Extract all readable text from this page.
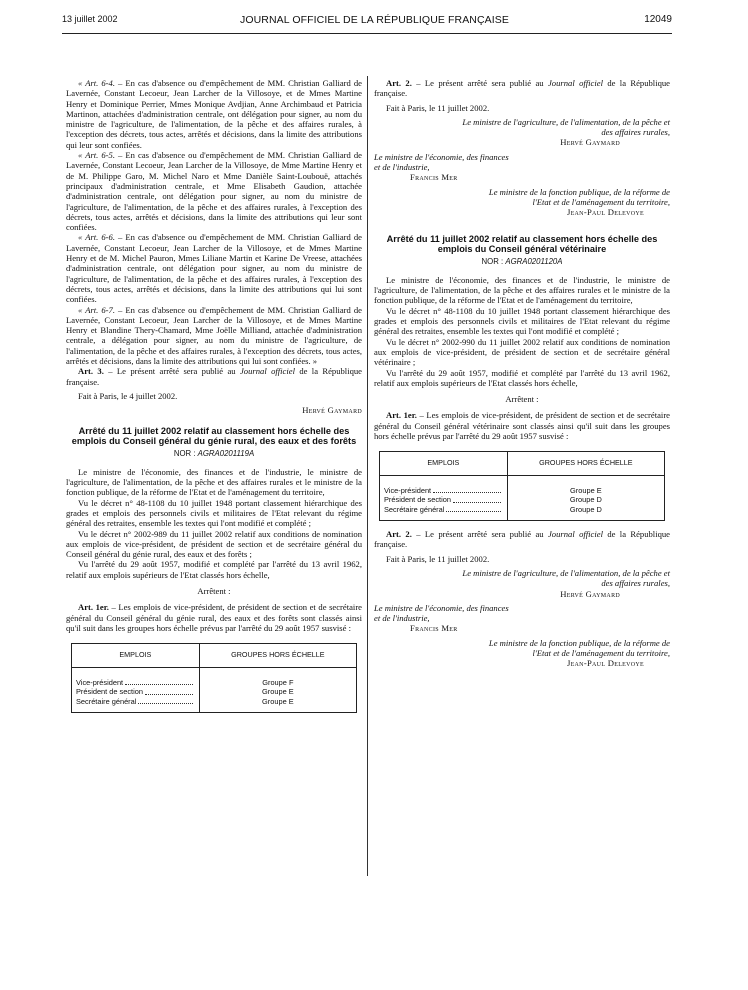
13 juillet 2002	JOURNAL OFFICIEL DE LA RÉPUBLIQUE FRANÇAISE	12049

« Art. 6-4. – En cas d'absence ou d'empêchement de MM. Christian Galliard de Lavernée, Constant Lecoeur, Jean Larcher de la Villosoye, et de Mmes Martine Henry et Dominique Perrier, Mmes Monique Avdjian, Anne Archimbaud et Patricia Martinon, attachées d'administration centrale, ont délégation pour signer, au nom du ministre de l'agriculture, de l'alimentation, de la pêche et des affaires rurales, à l'exception des décrets, tous actes, arrêtés et décisions, dans la limite des attributions qui leur sont confiées.

« Art. 6-5. – En cas d'absence ou d'empêchement de MM. Christian Galliard de Lavernée, Constant Lecoeur, Jean Larcher de la Villosoye, de Mme Martine Henry et de M. Philippe Garo, M. Michel Naro et Mme Danièle Saint-Loubouë, attachés principaux d'administration centrale, et Mme Elisabeth Gaudion, attachée d'administration centrale, ont délégation pour signer, au nom du ministre de l'agriculture, de l'alimentation, de la pêche et des affaires rurales, à l'exception des décrets, tous actes, arrêtés et décisions, dans la limite des attributions qui leur sont confiées.

« Art. 6-6. – En cas d'absence ou d'empêchement de MM. Christian Galliard de Lavernée, Constant Lecoeur, Jean Larcher de la Villosoye, et de Mmes Martine Henry et de M. Michel Pauron, Mmes Liliane Martin et Karine De Vreese, attachées d'administration centrale, ont délégation pour signer, au nom du ministre de l'agriculture, de l'alimentation, de la pêche et des affaires rurales, à l'exception des décrets, tous actes, arrêtés et décisions, dans la limite des attributions qui lui sont confiées.

« Art. 6-7. – En cas d'absence ou d'empêchement de MM. Christian Galliard de Lavernée, Constant Lecoeur, Jean Larcher de la Villosoye, et de Mmes Martine Henry et Blandine Thery-Chamard, Mme Joëlle Milliand, attachée d'administration centrale, a délégation pour signer, au nom du ministre de l'agriculture, de l'alimentation, de la pêche et des affaires rurales, à l'exception des décrets, tous actes, arrêtés et décisions, dans la limite des attributions qui lui sont confiées. »

Art. 3. – Le présent arrêté sera publié au Journal officiel de la République française.

Fait à Paris, le 4 juillet 2002.

Hervé Gaymard

Arrêté du 11 juillet 2002 relatif au classement hors échelle des emplois du Conseil général du génie rural, des eaux et des forêts
NOR : AGRA0201119A

Le ministre de l'économie, des finances et de l'industrie, le ministre de l'agriculture, de l'alimentation, de la pêche et des affaires rurales et le ministre de la fonction publique, de la réforme de l'Etat et de l'aménagement du territoire,

Vu le décret n° 48-1108 du 10 juillet 1948 portant classement hiérarchique des grades et emplois des personnels civils et militaires de l'Etat relevant du régime général des retraites, ensemble les textes qui l'ont modifié et complété ;

Vu le décret n° 2002-989 du 11 juillet 2002 relatif aux conditions de nomination aux emplois de vice-président, de président de section et de secrétaire général du Conseil général du génie rural, des eaux et des forêts ;

Vu l'arrêté du 29 août 1957, modifié et complété par l'arrêté du 13 avril 1962, relatif aux emplois supérieurs de l'Etat classés hors échelle,

Arrêtent :

Art. 1er. – Les emplois de vice-président, de président de section et de secrétaire général du Conseil général du génie rural, des eaux et des forêts sont classés ainsi qu'il suit dans les groupes hors échelle prévus par l'arrêté du 29 août 1957 susvisé :

EMPLOIS	GROUPES HORS ÉCHELLE

Vice-président	Groupe F

Président de section	Groupe E

Secrétaire général	Groupe E

Art. 2. – Le présent arrêté sera publié au Journal officiel de la République française.

Fait à Paris, le 11 juillet 2002.

Le ministre de l'agriculture, de l'alimentation, de la pêche et des affaires rurales,

Hervé Gaymard

Le ministre de l'économie, des finances et de l'industrie,

Francis Mer

Le ministre de la fonction publique, de la réforme de l'Etat et de l'aménagement du territoire,

Jean-Paul Delevoye

Arrêté du 11 juillet 2002 relatif au classement hors échelle des emplois du Conseil général vétérinaire
NOR : AGRA0201120A

Le ministre de l'économie, des finances et de l'industrie, le ministre de l'agriculture, de l'alimentation, de la pêche et des affaires rurales et le ministre de la fonction publique, de la réforme de l'Etat et de l'aménagement du territoire,

Vu le décret n° 48-1108 du 10 juillet 1948 portant classement hiérarchique des grades et emplois des personnels civils et militaires de l'Etat relevant du régime général des retraites, ensemble les textes qui l'ont modifié et complété ;

Vu le décret n° 2002-990 du 11 juillet 2002 relatif aux conditions de nomination aux emplois de vice-président, de président de section et de secrétaire général vétérinaire ;

Vu l'arrêté du 29 août 1957, modifié et complété par l'arrêté du 13 avril 1962, relatif aux emplois supérieurs de l'Etat classés hors échelle,

Arrêtent :

Art. 1er. – Les emplois de vice-président, de président de section et de secrétaire général du Conseil général vétérinaire sont classés ainsi qu'il suit dans les groupes hors échelle prévus par l'arrêté du 29 août 1957 susvisé :

EMPLOIS	GROUPES HORS ÉCHELLE

Vice-président	Groupe E

Président de section	Groupe D

Secrétaire général	Groupe D

Art. 2. – Le présent arrêté sera publié au Journal officiel de la République française.

Fait à Paris, le 11 juillet 2002.

Le ministre de l'agriculture, de l'alimentation, de la pêche et des affaires rurales,

Hervé Gaymard

Le ministre de l'économie, des finances et de l'industrie,

Francis Mer

Le ministre de la fonction publique, de la réforme de l'Etat et de l'aménagement du territoire,

Jean-Paul Delevoye
